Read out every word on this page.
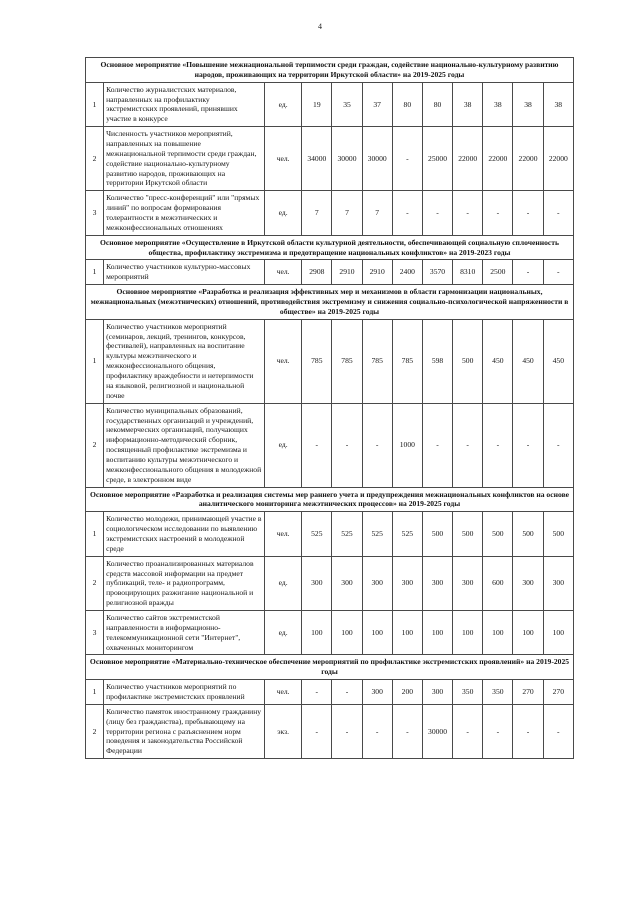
4
Основное мероприятие «Повышение межнациональной терпимости среди граждан, содействие национально-культурному развитию народов, проживающих на территории Иркутской области» на 2019-2025 годы											
1	Количество журналистских материалов, направленных на профилактику экстремистских проявлений, принявших участие в конкурсе	ед.	19	35	37	80	80	38	38	38	38
2	Численность участников мероприятий, направленных на повышение межнациональной терпимости среди граждан, содействие национально-культурному развитию народов, проживающих на территории Иркутской области	чел.	34000	30000	30000	-	25000	22000	22000	22000	22000
3	Количество "пресс-конференций" или "прямых линий" по вопросам формирования толерантности в межэтнических и межконфессиональных отношениях	ед.	7	7	7	-	-	-	-	-	-
Основное мероприятие «Осуществление в Иркутской области культурной деятельности, обеспечивающей социальную сплоченность общества, профилактику экстремизма и предотвращение национальных конфликтов» на 2019-2023 годы											
1	Количество участников культурно-массовых мероприятий	чел.	2908	2910	2910	2400	3570	8310	2500	-	-
Основное мероприятие «Разработка и реализация эффективных мер и механизмов в области гармонизации национальных, межнациональных (межэтнических) отношений, противодействия экстремизму и снижения социально-психологической напряженности в обществе» на 2019-2025 годы											
1	Количество участников мероприятий (семинаров, лекций, тренингов, конкурсов, фестивалей), направленных на воспитание культуры межэтнического и межконфессионального общения, профилактику враждебности и нетерпимости на языковой, религиозной и национальной почве	чел.	785	785	785	785	598	500	450	450	450
2	Количество муниципальных образований, государственных организаций и учреждений, некоммерческих организаций, получающих информационно-методический сборник, посвященный профилактике экстремизма и воспитанию культуры межэтнического и межконфессионального общения в молодежной среде, в электронном виде	ед.	-	-	-	1000	-	-	-	-	-
Основное мероприятие «Разработка и реализация системы мер раннего учета и предупреждения межнациональных конфликтов на основе аналитического мониторинга межэтнических процессов» на 2019-2025 годы											
1	Количество молодежи, принимающей участие в социологическом исследовании по выявлению экстремистских настроений в молодежной среде	чел.	525	525	525	525	500	500	500	500	500
2	Количество проанализированных материалов средств массовой информации на предмет публикаций, теле- и радиопрограмм, провоцирующих разжигание национальной и религиозной вражды	ед.	300	300	300	300	300	300	600	300	300
3	Количество сайтов экстремистской направленности в информационно-телекоммуникационной сети "Интернет", охваченных мониторингом	ед.	100	100	100	100	100	100	100	100	100
Основное мероприятие «Материально-техническое обеспечение мероприятий по профилактике экстремистских проявлений» на 2019-2025 годы											
1	Количество участников мероприятий по профилактике экстремистских проявлений	чел.	-	-	300	200	300	350	350	270	270
2	Количество памяток иностранному гражданину (лицу без гражданства), пребывающему на территории региона с разъяснением норм поведения и законодательства Российской Федерации	экз.	-	-	-	-	30000	-	-	-	-
